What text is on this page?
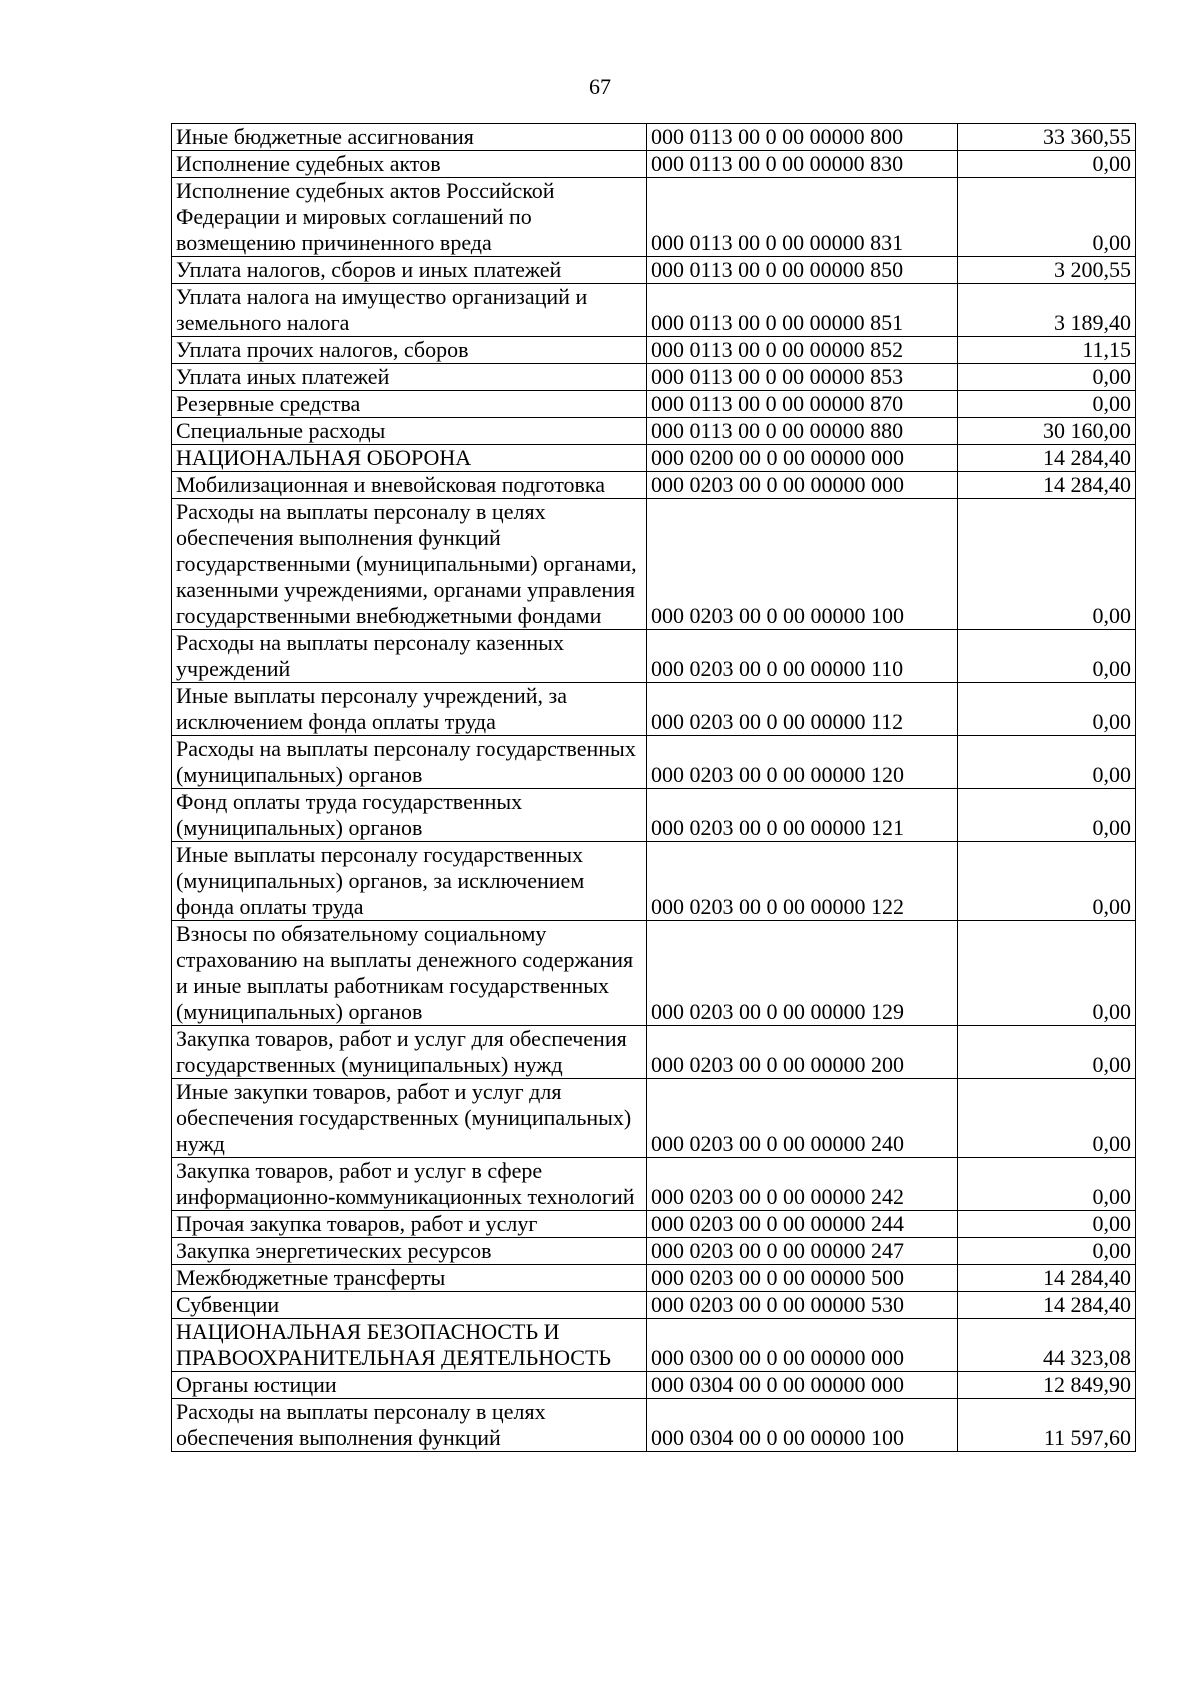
67
Иные бюджетные ассигнования	000 0113 00 0 00 00000 800	33 360,55
Исполнение судебных актов	000 0113 00 0 00 00000 830	0,00
Исполнение судебных актов Российской Федерации и мировых соглашений по возмещению причиненного вреда	000 0113 00 0 00 00000 831	0,00
Уплата налогов, сборов и иных платежей	000 0113 00 0 00 00000 850	3 200,55
Уплата налога на имущество организаций и земельного налога	000 0113 00 0 00 00000 851	3 189,40
Уплата прочих налогов, сборов	000 0113 00 0 00 00000 852	11,15
Уплата иных платежей	000 0113 00 0 00 00000 853	0,00
Резервные средства	000 0113 00 0 00 00000 870	0,00
Специальные расходы	000 0113 00 0 00 00000 880	30 160,00
НАЦИОНАЛЬНАЯ ОБОРОНА	000 0200 00 0 00 00000 000	14 284,40
Мобилизационная и вневойсковая подготовка	000 0203 00 0 00 00000 000	14 284,40
Расходы на выплаты персоналу в целях обеспечения выполнения функций государственными (муниципальными) органами, казенными учреждениями, органами управления государственными внебюджетными фондами	000 0203 00 0 00 00000 100	0,00
Расходы на выплаты персоналу казенных учреждений	000 0203 00 0 00 00000 110	0,00
Иные выплаты персоналу учреждений, за исключением фонда оплаты труда	000 0203 00 0 00 00000 112	0,00
Расходы на выплаты персоналу государственных (муниципальных) органов	000 0203 00 0 00 00000 120	0,00
Фонд оплаты труда государственных (муниципальных) органов	000 0203 00 0 00 00000 121	0,00
Иные выплаты персоналу государственных (муниципальных) органов, за исключением фонда оплаты труда	000 0203 00 0 00 00000 122	0,00
Взносы по обязательному социальному страхованию на выплаты денежного содержания и иные выплаты работникам государственных (муниципальных) органов	000 0203 00 0 00 00000 129	0,00
Закупка товаров, работ и услуг для обеспечения государственных (муниципальных) нужд	000 0203 00 0 00 00000 200	0,00
Иные закупки товаров, работ и услуг для обеспечения государственных (муниципальных) нужд	000 0203 00 0 00 00000 240	0,00
Закупка товаров, работ и услуг в сфере информационно-коммуникационных технологий	000 0203 00 0 00 00000 242	0,00
Прочая закупка товаров, работ и услуг	000 0203 00 0 00 00000 244	0,00
Закупка энергетических ресурсов	000 0203 00 0 00 00000 247	0,00
Межбюджетные трансферты	000 0203 00 0 00 00000 500	14 284,40
Субвенции	000 0203 00 0 00 00000 530	14 284,40
НАЦИОНАЛЬНАЯ БЕЗОПАСНОСТЬ И ПРАВООХРАНИТЕЛЬНАЯ ДЕЯТЕЛЬНОСТЬ	000 0300 00 0 00 00000 000	44 323,08
Органы юстиции	000 0304 00 0 00 00000 000	12 849,90
Расходы на выплаты персоналу в целях обеспечения выполнения функций	000 0304 00 0 00 00000 100	11 597,60
